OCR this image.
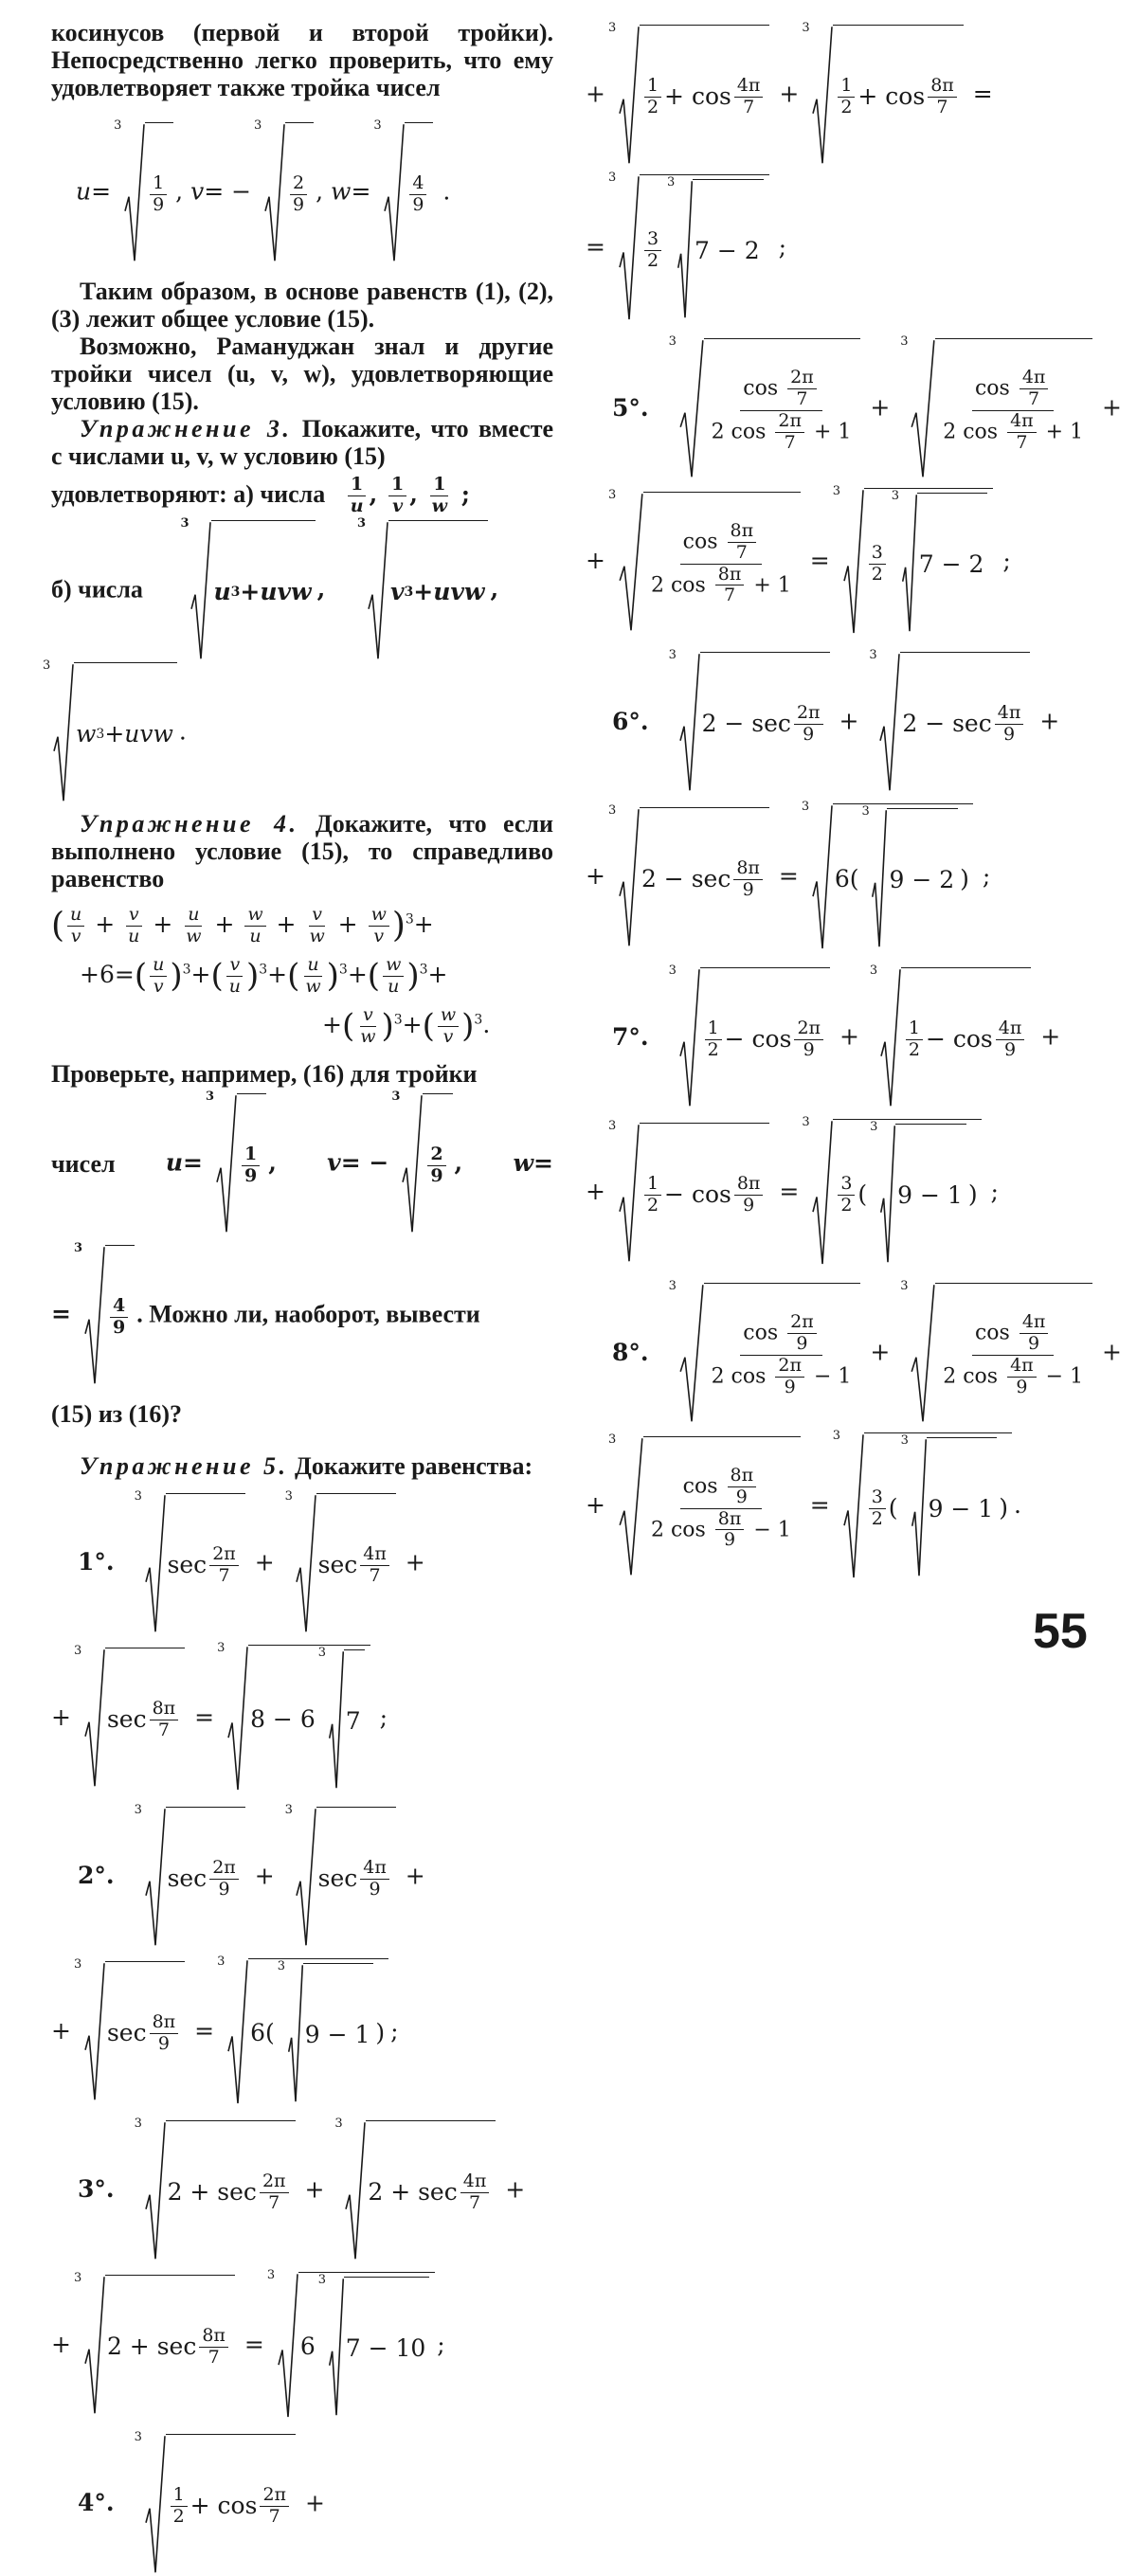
косинусов (первой и второй тройки). Непосредственно легко проверить, что ему удовлетворяет также тройка чисел

u=
3
1
9 , v= −
3
2
9 , w=
3
4
9 .

Таким образом, в основе равенств (1), (2), (3) лежит общее условие (15).

Возможно, Рамануджан знал и другие тройки чисел (u, v, w), удовлетворяющие условию (15).

Упражнение 3. Покажите, что вместе с числами u, v, w условию (15)

удовлетворяют: а) числа $\frac{1}{u}$ , $\frac{1}{v}$ , $\frac{1}{w}$ ;
б) числа
3
u 3 + uvw ,
3
v 3 + uvw ,
3
w 3 + uvw .

Упражнение 4. Докажите, что если выполнено условие (15), то справедливо равенство

( $\frac{u}{v} + \frac{v}{u} + \frac{u}{w} + \frac{w}{u} + \frac{v}{w} + \frac{w}{v} )^3+$
$+6=( \frac{u}{v} )^3+( \frac{v}{u} )^3+( \frac{u}{w} )^3+( \frac{w}{u} )^3+$
+( $\frac{v}{w} )^3+( \frac{w}{v} )^3$.

Проверьте, например, (16) для тройки

чисел u=
3
1
9 , v= −
3
2
9 , w=
=
3
4
9 . Можно ли, наоборот, вывести

(15) из (16)?

Упражнение 5. Докажите равенства:

1°.
3
sec 2π
7 +
3
sec 4π
7 +
+
3
sec 8π
7 =
3
8 − 6
3
7 ;
2°.
3
sec 2π
9 +
3
sec 4π
9 +
+
3
sec 8π
9 =
3
6(
3
9 − 1 ) ;
3°.
3
2 + sec 2π
7 +
3
2 + sec 4π
7 +
+
3
2 + sec 8π
7 =
3
6
3
7 − 10 ;
4°.
3
1
2 + cos 2π
7 +
+
3
1
2 + cos 4π
7 +
3
1
2 + cos 8π
7 =
=
3
3
2
3
7 − 2 ;
5°.
3
$\cos \frac{2\pi}{7}$
2 $\cos \frac{2\pi}{7} + 1$
+
3
$\cos \frac{4\pi}{7}$
2 $\cos \frac{4\pi}{7} + 1$
+
+
3
$\cos \frac{8\pi}{7}$
2 $\cos \frac{8\pi}{7} + 1$
=
3
3
2
3
7 − 2 ;
6°.
3
2 − sec 2π
9 +
3
2 − sec 4π
9 +
+
3
2 − sec 8π
9 =
3
6(
3
9 − 2 ) ;
7°.
3
1
2 − cos 2π
9 +
3
1
2 − cos 4π
9 +
+
3
1
2 − cos 8π
9 =
3
3
2 (
3
9 − 1 ) ;
8°.
3
$\cos \frac{2\pi}{9}$
2 $\cos \frac{2\pi}{9} - 1$
+
3
$\cos \frac{4\pi}{9}$
2 $\cos \frac{4\pi}{9} - 1$
+
+
3
$\cos \frac{8\pi}{9}$
2 $\cos \frac{8\pi}{9} - 1$
=
3
3
2 (
3
9 − 1 ) .
55
